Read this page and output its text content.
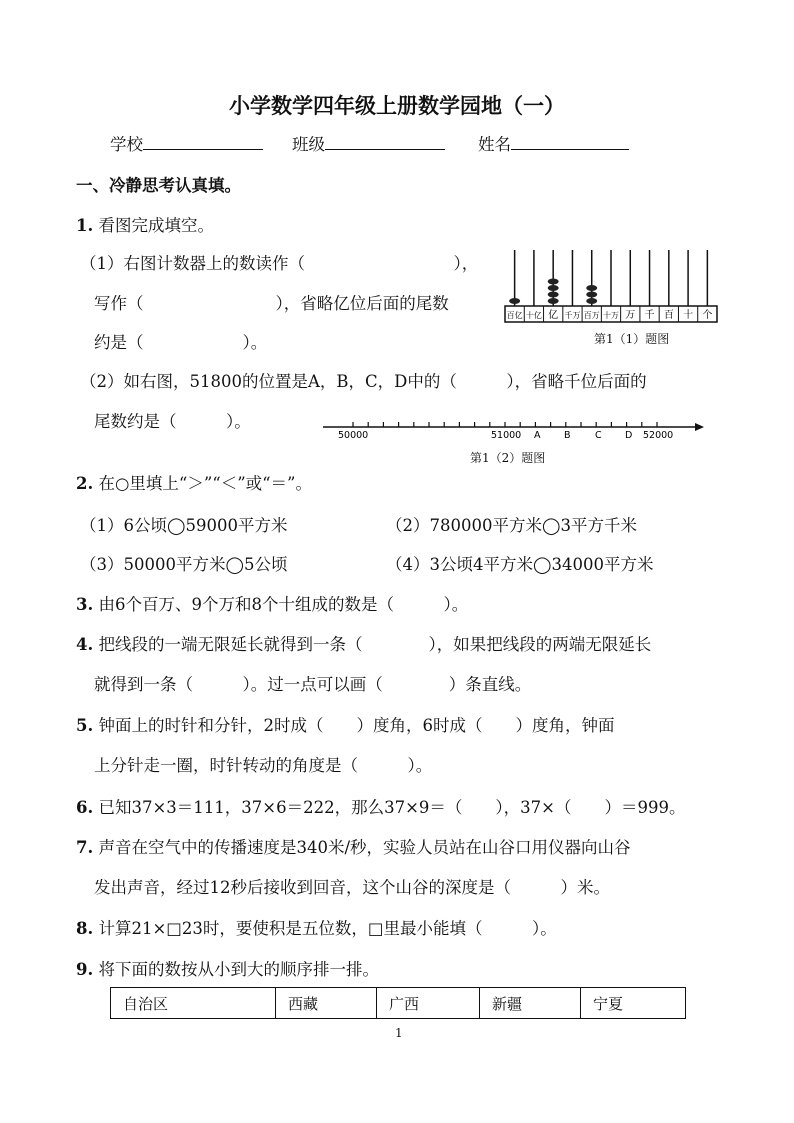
小学数学四年级上册数学园地（一）
学校	班级	姓名
一、冷静思考认真填。
1. 看图完成填空。
（1）右图计数器上的数读作（　　　　　　　　　），
写作（　　　　　　　　），省略亿位后面的尾数
约是（　　　　　　）。
百亿 十亿 亿 千万 百万 十万 万 千 百 十 个
第1（1）题图
（2）如右图，51800的位置是A，B，C，D中的（　　　），省略千位后面的
尾数约是（　　　）。
50000	51000 A B	C D 52000
第1（2）题图
2. 在○里填上“＞”“＜”或“＝”。
（1）6公顷◯59000平方米	（2）780000平方米◯3平方千米
（3）50000平方米◯5公顷	（4）3公顷4平方米◯34000平方米
3. 由6个百万、9个万和8个十组成的数是（　　　）。
4. 把线段的一端无限延长就得到一条（　　　　），如果把线段的两端无限延长
就得到一条（　　　）。过一点可以画（　　　　）条直线。
5. 钟面上的时针和分针，2时成（　　）度角，6时成（　　）度角，钟面
上分针走一圈，时针转动的角度是（　　　）。
6. 已知37×3＝111，37×6＝222，那么37×9＝（　　），37×（　　）＝999。
7. 声音在空气中的传播速度是340米/秒，实验人员站在山谷口用仪器向山谷
发出声音，经过12秒后接收到回音，这个山谷的深度是（　　　）米。
8. 计算21×□23时，要使积是五位数，□里最小能填（　　　）。
9. 将下面的数按从小到大的顺序排一排。
自治区	西藏	广西	新疆	宁夏
1
